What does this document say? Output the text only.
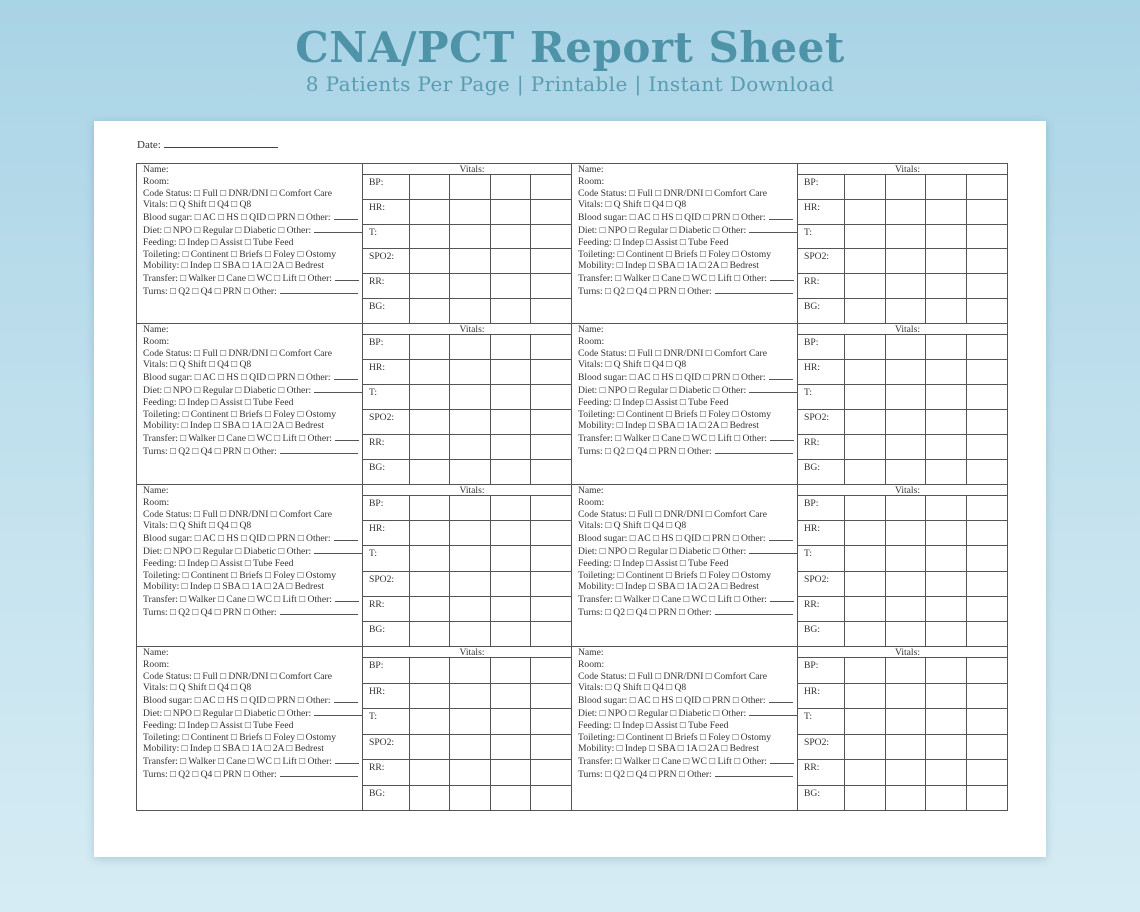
CNA/PCT Report Sheet
8 Patients Per Page | Printable | Instant Download
Date:
Name:
Room:
Code Status: □ Full □ DNR/DNI □ Comfort Care
Vitals: □ Q Shift □ Q4 □ Q8
Blood sugar: □ AC □ HS □ QID □ PRN □ Other:
Diet: □ NPO □ Regular □ Diabetic □ Other:
Feeding: □ Indep □ Assist □ Tube Feed
Toileting: □ Continent □ Briefs □ Foley □ Ostomy
Mobility: □ Indep □ SBA □ 1A □ 2A □ Bedrest
Transfer: □ Walker □ Cane □ WC □ Lift □ Other:
Turns: □ Q2 □ Q4 □ PRN □ Other:
Vitals:
BP:
HR:
T:
SPO2:
RR:
BG:
Name:
Room:
Code Status: □ Full □ DNR/DNI □ Comfort Care
Vitals: □ Q Shift □ Q4 □ Q8
Blood sugar: □ AC □ HS □ QID □ PRN □ Other:
Diet: □ NPO □ Regular □ Diabetic □ Other:
Feeding: □ Indep □ Assist □ Tube Feed
Toileting: □ Continent □ Briefs □ Foley □ Ostomy
Mobility: □ Indep □ SBA □ 1A □ 2A □ Bedrest
Transfer: □ Walker □ Cane □ WC □ Lift □ Other:
Turns: □ Q2 □ Q4 □ PRN □ Other:
Vitals:
BP:
HR:
T:
SPO2:
RR:
BG:
Name:
Room:
Code Status: □ Full □ DNR/DNI □ Comfort Care
Vitals: □ Q Shift □ Q4 □ Q8
Blood sugar: □ AC □ HS □ QID □ PRN □ Other:
Diet: □ NPO □ Regular □ Diabetic □ Other:
Feeding: □ Indep □ Assist □ Tube Feed
Toileting: □ Continent □ Briefs □ Foley □ Ostomy
Mobility: □ Indep □ SBA □ 1A □ 2A □ Bedrest
Transfer: □ Walker □ Cane □ WC □ Lift □ Other:
Turns: □ Q2 □ Q4 □ PRN □ Other:
Vitals:
BP:
HR:
T:
SPO2:
RR:
BG:
Name:
Room:
Code Status: □ Full □ DNR/DNI □ Comfort Care
Vitals: □ Q Shift □ Q4 □ Q8
Blood sugar: □ AC □ HS □ QID □ PRN □ Other:
Diet: □ NPO □ Regular □ Diabetic □ Other:
Feeding: □ Indep □ Assist □ Tube Feed
Toileting: □ Continent □ Briefs □ Foley □ Ostomy
Mobility: □ Indep □ SBA □ 1A □ 2A □ Bedrest
Transfer: □ Walker □ Cane □ WC □ Lift □ Other:
Turns: □ Q2 □ Q4 □ PRN □ Other:
Vitals:
BP:
HR:
T:
SPO2:
RR:
BG:
Name:
Room:
Code Status: □ Full □ DNR/DNI □ Comfort Care
Vitals: □ Q Shift □ Q4 □ Q8
Blood sugar: □ AC □ HS □ QID □ PRN □ Other:
Diet: □ NPO □ Regular □ Diabetic □ Other:
Feeding: □ Indep □ Assist □ Tube Feed
Toileting: □ Continent □ Briefs □ Foley □ Ostomy
Mobility: □ Indep □ SBA □ 1A □ 2A □ Bedrest
Transfer: □ Walker □ Cane □ WC □ Lift □ Other:
Turns: □ Q2 □ Q4 □ PRN □ Other:
Vitals:
BP:
HR:
T:
SPO2:
RR:
BG:
Name:
Room:
Code Status: □ Full □ DNR/DNI □ Comfort Care
Vitals: □ Q Shift □ Q4 □ Q8
Blood sugar: □ AC □ HS □ QID □ PRN □ Other:
Diet: □ NPO □ Regular □ Diabetic □ Other:
Feeding: □ Indep □ Assist □ Tube Feed
Toileting: □ Continent □ Briefs □ Foley □ Ostomy
Mobility: □ Indep □ SBA □ 1A □ 2A □ Bedrest
Transfer: □ Walker □ Cane □ WC □ Lift □ Other:
Turns: □ Q2 □ Q4 □ PRN □ Other:
Vitals:
BP:
HR:
T:
SPO2:
RR:
BG:
Name:
Room:
Code Status: □ Full □ DNR/DNI □ Comfort Care
Vitals: □ Q Shift □ Q4 □ Q8
Blood sugar: □ AC □ HS □ QID □ PRN □ Other:
Diet: □ NPO □ Regular □ Diabetic □ Other:
Feeding: □ Indep □ Assist □ Tube Feed
Toileting: □ Continent □ Briefs □ Foley □ Ostomy
Mobility: □ Indep □ SBA □ 1A □ 2A □ Bedrest
Transfer: □ Walker □ Cane □ WC □ Lift □ Other:
Turns: □ Q2 □ Q4 □ PRN □ Other:
Vitals:
BP:
HR:
T:
SPO2:
RR:
BG:
Name:
Room:
Code Status: □ Full □ DNR/DNI □ Comfort Care
Vitals: □ Q Shift □ Q4 □ Q8
Blood sugar: □ AC □ HS □ QID □ PRN □ Other:
Diet: □ NPO □ Regular □ Diabetic □ Other:
Feeding: □ Indep □ Assist □ Tube Feed
Toileting: □ Continent □ Briefs □ Foley □ Ostomy
Mobility: □ Indep □ SBA □ 1A □ 2A □ Bedrest
Transfer: □ Walker □ Cane □ WC □ Lift □ Other:
Turns: □ Q2 □ Q4 □ PRN □ Other:
Vitals:
BP:
HR:
T:
SPO2:
RR:
BG:
